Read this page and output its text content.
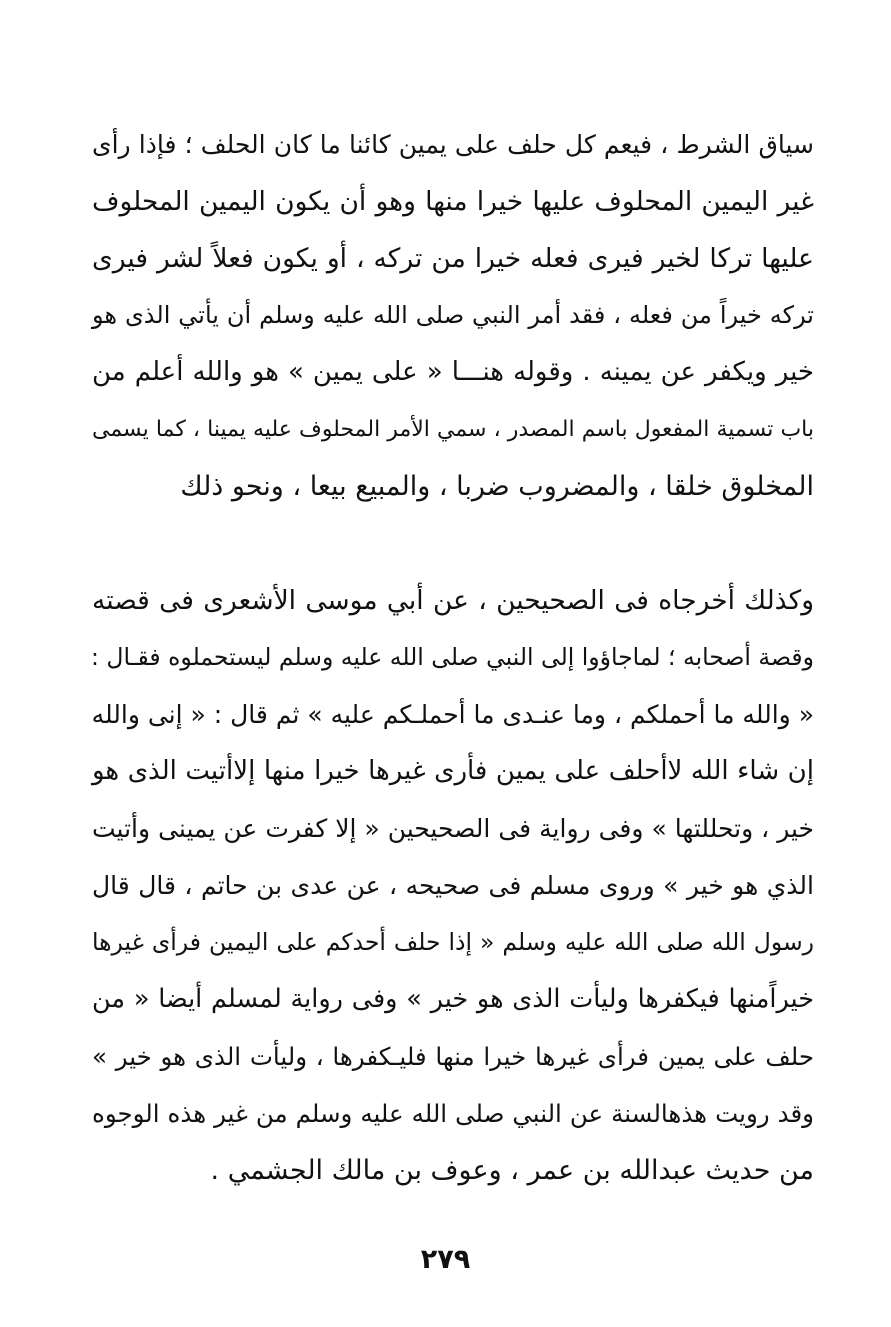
سياق الشرط ، فيعم كل حلف على يمين كائنا ما كان الحلف ؛ فإذا رأى
غير اليمين المحلوف عليها خيرا منها وهو أن يكون اليمين المحلوف
عليها تركا لخير فيرى فعله خيرا من تركه ، أو يكون فعلاً لشر فيرى
تركه خيراً من فعله ، فقد أمر النبي صلى الله عليه وسلم أن يأتي الذى هو
خير ويكفر عن يمينه . وقوله هنـــا « على يمين » هو والله أعلم من
باب تسمية المفعول باسم المصدر ، سمي الأمر المحلوف عليه يمينا ، كما يسمى
المخلوق خلقا ، والمضروب ضربا ، والمبيع بيعا ، ونحو ذلك
وكذلك أخرجاه فى الصحيحين ، عن أبي موسى الأشعرى فى قصته
وقصة أصحابه ؛ لماجاؤوا إلى النبي صلى الله عليه وسلم ليستحملوه فقـال :
« والله ما أحملكم ، وما عنـدى ما أحملـكم عليه » ثم قال : « إنى والله
إن شاء الله لاأحلف على يمين فأرى غيرها خيرا منها إلاأتيت الذى هو
خير ، وتحللتها » وفى رواية فى الصحيحين « إلا كفرت عن يمينى وأتيت
الذي هو خير » وروى مسلم فى صحيحه ، عن عدى بن حاتم ، قال قال
رسول الله صلى الله عليه وسلم « إذا حلف أحدكم على اليمين فرأى غيرها
خيراًمنها فيكفرها وليأت الذى هو خير » وفى رواية لمسلم أيضا « من
حلف على يمين فرأى غيرها خيرا منها فليـكفرها ، وليأت الذى هو خير »
وقد رويت هذهالسنة عن النبي صلى الله عليه وسلم من غير هذه الوجوه
من حديث عبدالله بن عمر ، وعوف بن مالك الجشمي .
٢٧٩
